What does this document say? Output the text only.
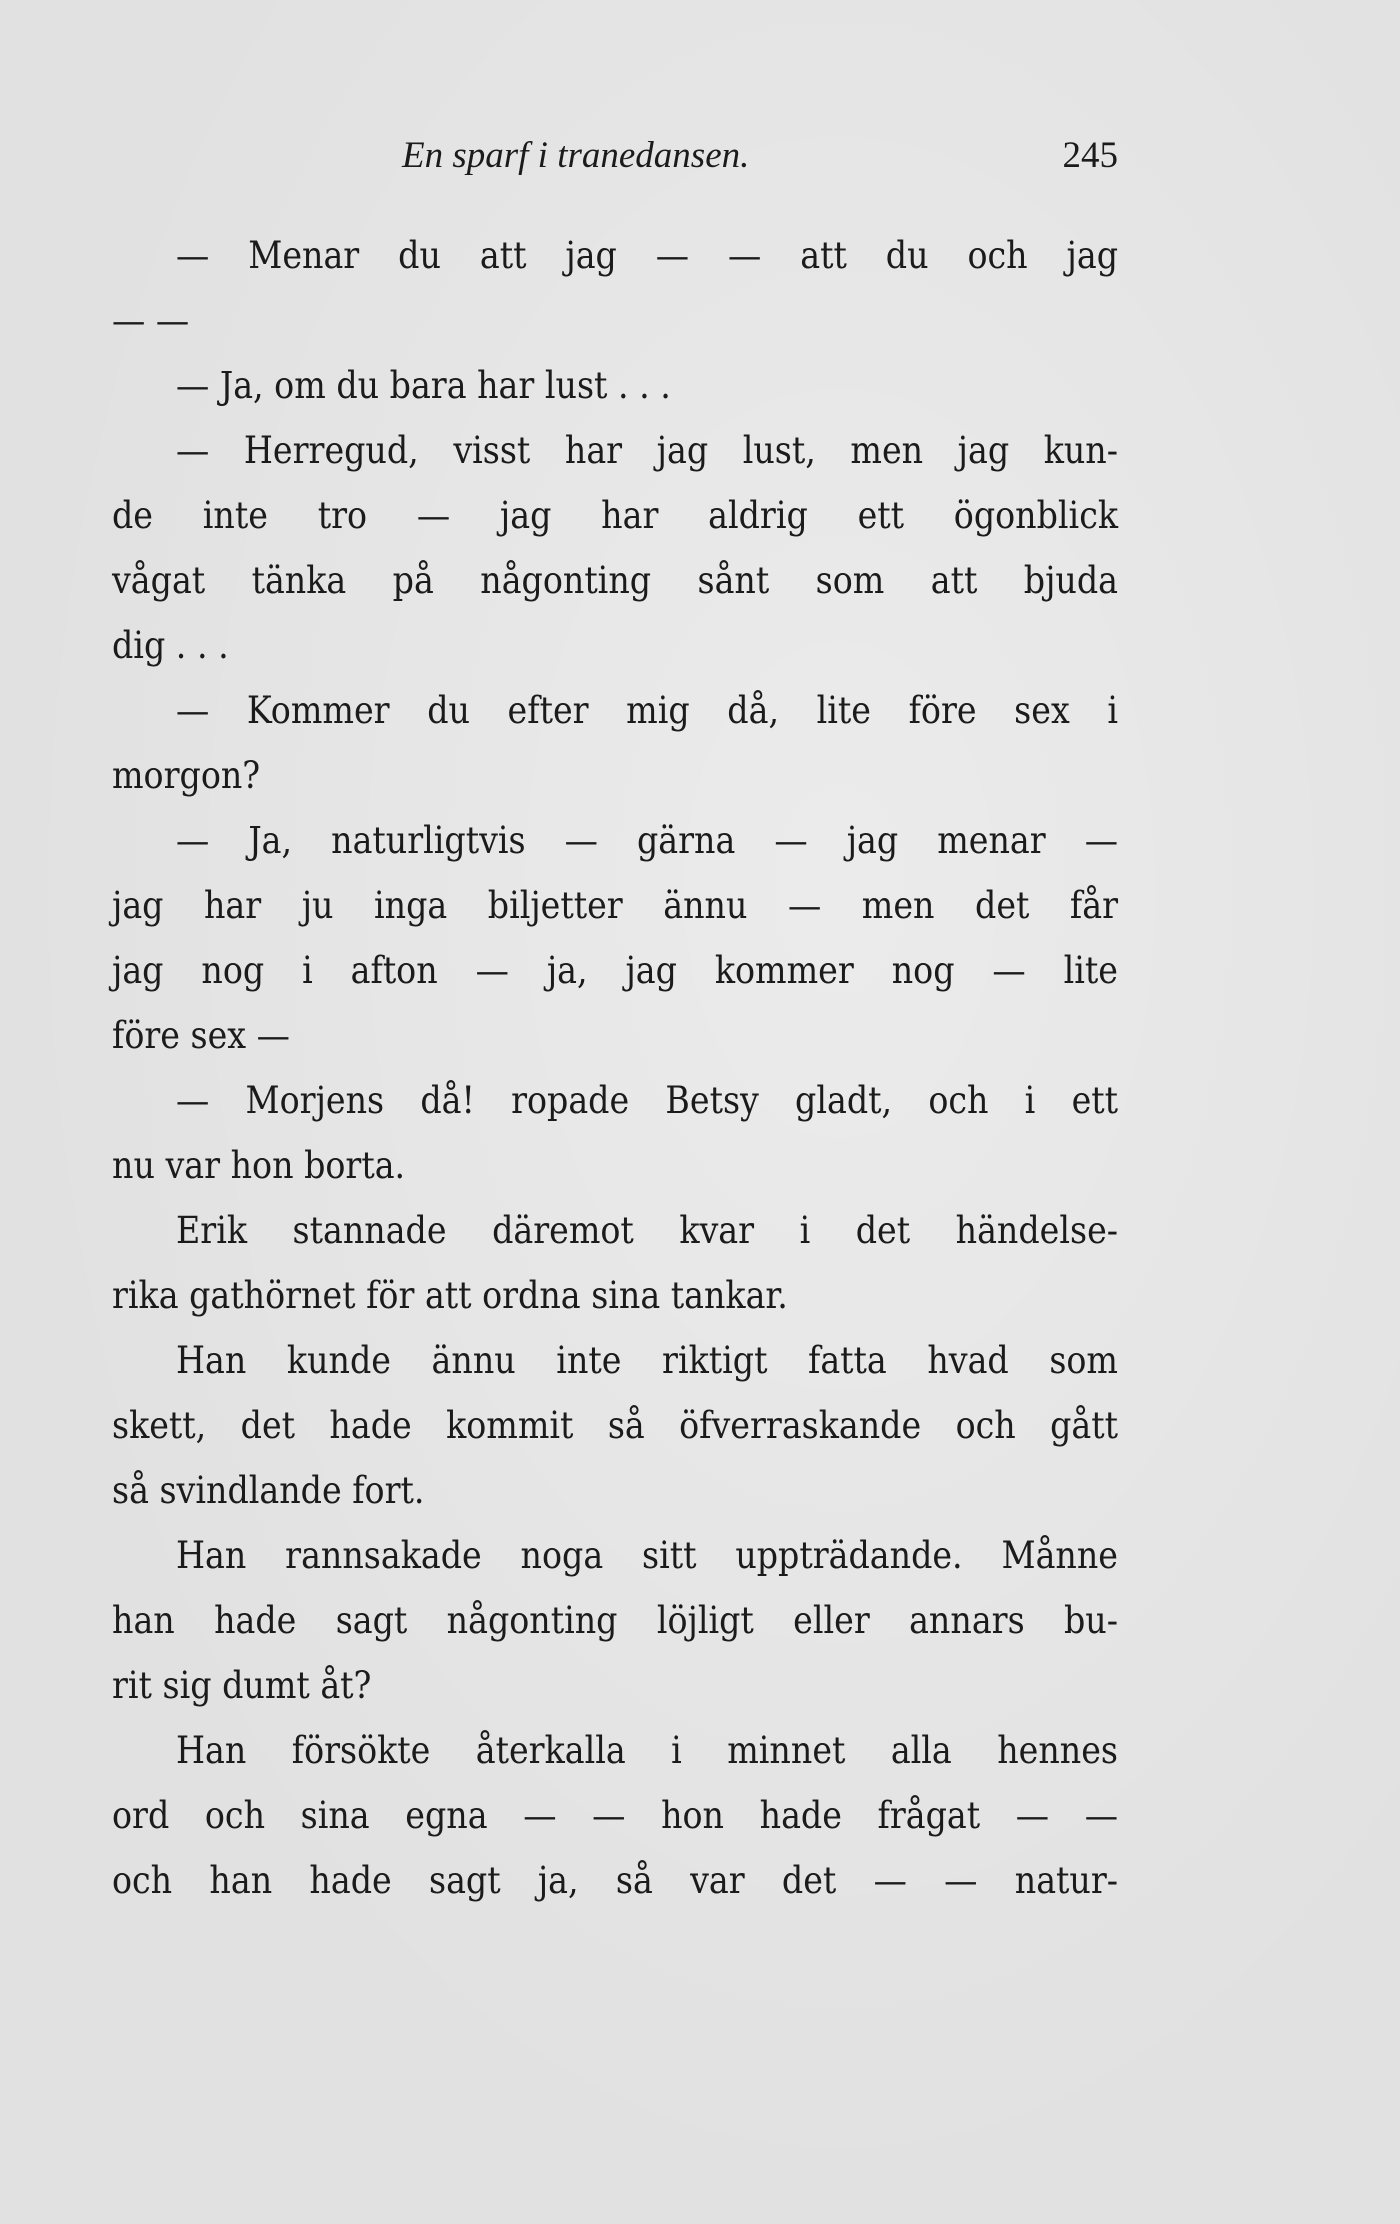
En sparf i tranedansen.	245
— Menar du att jag — — att du och jag
— —
— Ja, om du bara har lust . . .
— Herregud, visst har jag lust, men jag kun-
de inte tro — jag har aldrig ett ögonblick
vågat tänka på någonting sånt som att bjuda
dig . . .
— Kommer du efter mig då, lite före sex i
morgon?
— Ja, naturligtvis — gärna — jag menar —
jag har ju inga biljetter ännu — men det får
jag nog i afton — ja, jag kommer nog — lite
före sex —
— Morjens då! ropade Betsy gladt, och i ett
nu var hon borta.
Erik stannade däremot kvar i det händelse-
rika gathörnet för att ordna sina tankar.
Han kunde ännu inte riktigt fatta hvad som
skett, det hade kommit så öfverraskande och gått
så svindlande fort.
Han rannsakade noga sitt uppträdande. Månne
han hade sagt någonting löjligt eller annars bu-
rit sig dumt åt?
Han försökte återkalla i minnet alla hennes
ord och sina egna — — hon hade frågat — —
och han hade sagt ja, så var det — — natur-
